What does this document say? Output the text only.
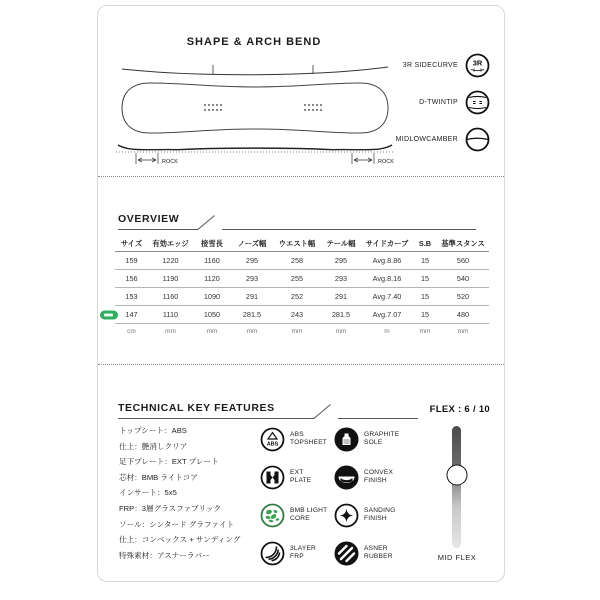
SHAPE & ARCH BEND
ROCK	ROCK
3R SIDECURVE 3R
D-TWINTIP
MIDLOWCAMBER
OVERVIEW
サイズ	有効エッジ	接雪長	ノーズ幅	ウエスト幅	テール幅	サイドカーブ	S.B	基準スタンス
159	1220	1160	295	258	295	Avg.8.86	15	560
156	1190	1120	293	255	293	Avg.8.16	15	540
153	1160	1090	291	252	291	Avg.7.40	15	520
147	1110	1050	281.5	243	281.5	Avg.7.07	15	480
cm	mm	mm	mm	mm	mm	m	mm	mm
TECHNICAL KEY FEATURES	FLEX : 6 / 10
トップシート：ABS
仕上：艶消しクリア
足下プレート：EXT プレート
芯材：BMB ライトコア
インサート：5x5
FRP：3層グラスファブリック
ソール：シンタード グラファイト
仕上：コンベックス + サンディング
特殊素材：アスナーラバー
ABS
ABS
TOPSHEET
EXT
PLATE
BMB LIGHT
CORE
3LAYER
FRP
GRAPHITE
SOLE
CONVEX
FINISH
SANDING
FINISH
ASNER
RUBBER	MID FLEX
